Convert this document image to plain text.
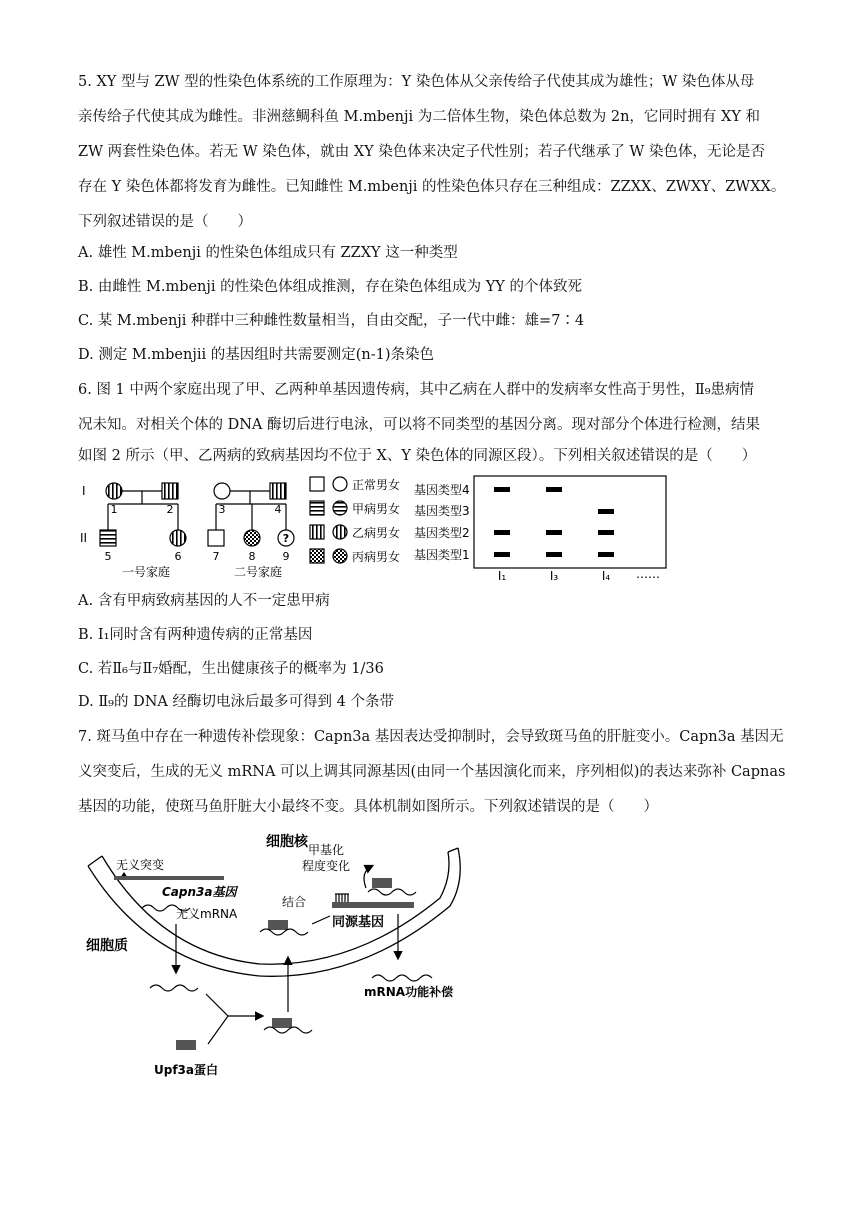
5. XY 型与 ZW 型的性染色体系统的工作原理为：Y 染色体从父亲传给子代使其成为雄性；W 染色体从母
亲传给子代使其成为雌性。非洲慈鲷科鱼 M.mbenji 为二倍体生物，染色体总数为 2n，它同时拥有 XY 和
ZW 两套性染色体。若无 W 染色体，就由 XY 染色体来决定子代性别；若子代继承了 W 染色体，无论是否
存在 Y 染色体都将发育为雌性。已知雌性 M.mbenji 的性染色体只存在三种组成：ZZXX、ZWXY、ZWXX。
下列叙述错误的是（　　）
A. 雄性 M.mbenji 的性染色体组成只有 ZZXY 这一种类型
B. 由雌性 M.mbenji 的性染色体组成推测，存在染色体组成为 YY 的个体致死
C. 某 M.mbenji 种群中三种雌性数量相当，自由交配，子一代中雌：雄=7∶4
D. 测定 M.mbenjii 的基因组时共需要测定(n-1)条染色
6. 图 1 中两个家庭出现了甲、乙两种单基因遗传病，其中乙病在人群中的发病率女性高于男性，Ⅱ₉患病情
况未知。对相关个体的 DNA 酶切后进行电泳，可以将不同类型的基因分离。现对部分个体进行检测，结果
如图 2 所示（甲、乙两病的致病基因均不位于 X、Y 染色体的同源区段）。下列相关叙述错误的是（　　）
?
I
II
1	2	3	4
5	6	7	8 9
一号家庭	二号家庭
正常男女
甲病男女
乙病男女
丙病男女
基因类型4
基因类型3
基因类型2
基因类型1
I₁	I₃	I₄ ……
A. 含有甲病致病基因的人不一定患甲病
B. I₁同时含有两种遗传病的正常基因
C. 若Ⅱ₆与Ⅱ₇婚配，生出健康孩子的概率为 1/36
D. Ⅱ₉的 DNA 经酶切电泳后最多可得到 4 个条带
7. 斑马鱼中存在一种遗传补偿现象：Capn3a 基因表达受抑制时，会导致斑马鱼的肝脏变小。Capn3a 基因无
义突变后，生成的无义 mRNA 可以上调其同源基因(由同一个基因演化而来，序列相似)的表达来弥补 Capnas
基因的功能，使斑马鱼肝脏大小最终不变。具体机制如图所示。下列叙述错误的是（　　）
细胞核
细胞质
无义突变
Capn3a基因
无义mRNA
Upf3a蛋白
结合
甲基化
程度变化
同源基因
mRNA功能补偿
